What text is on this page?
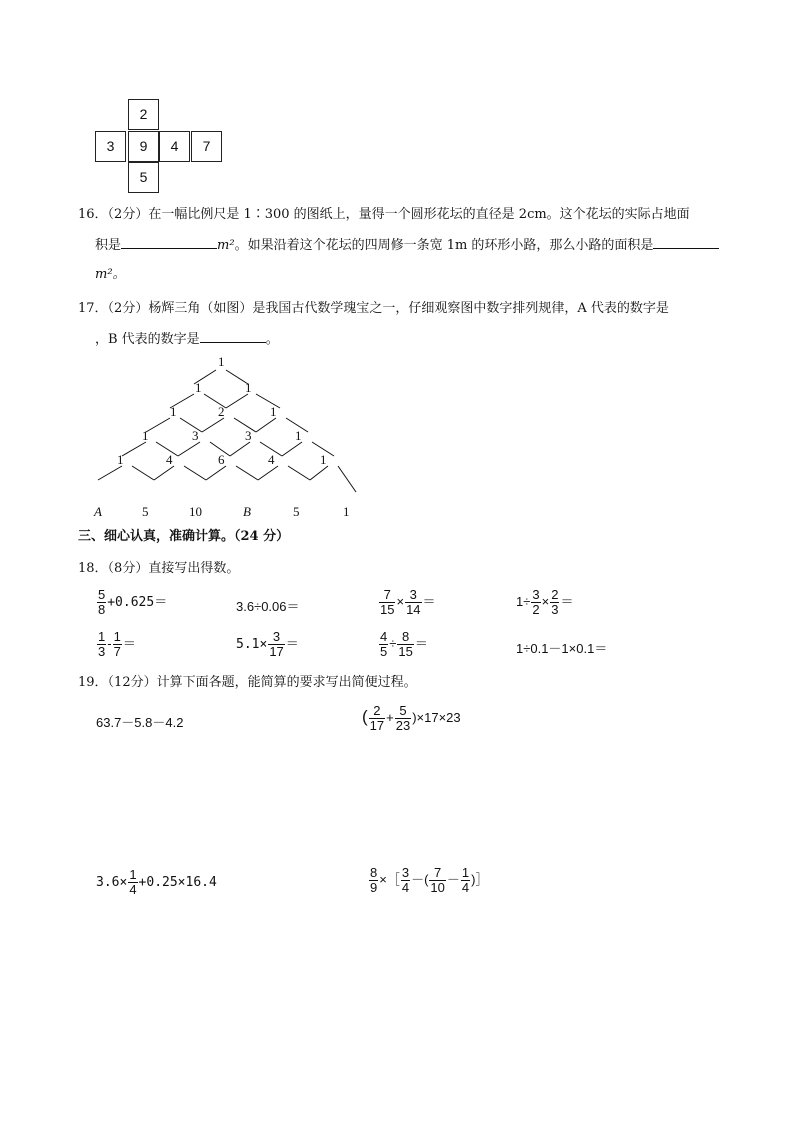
2
3	9	4	7
5
16．（2分）在一幅比例尺是 1∶300 的图纸上，量得一个圆形花坛的直径是 2cm。这个花坛的实际占地面
积是	m²。如果沿着这个花坛的四周修一条宽 1m 的环形小路，那么小路的面积是
m²。
17．（2分）杨辉三角（如图）是我国古代数学瑰宝之一，仔细观察图中数字排列规律，A 代表的数字是
，B 代表的数字是	。
1
1	1
1	2	1
1	3	3	1
1	4	6	4	1
A	5	10	B	5	1
三、细心认真，准确计算。（24 分）
18．（8分）直接写出得数。
$\frac{5}{8} +0.625=$	3.6÷0.06＝	$\frac{7}{15} \times \frac{3}{14}$ ＝	$1\div \frac{3}{2} \times \frac{2}{3}$ ＝
$\frac{1}{3} - \frac{1}{7}$ ＝	$5.1\times \frac{3}{17}$ ＝	$\frac{4}{5} \div \frac{8}{15}$ ＝	1÷0.1－1×0.1＝
19．（12分）计算下面各题，能简算的要求写出简便过程。
63.7－5.8－4.2	( $\frac{2}{17} + \frac{5}{23} )\times 17\times 23$
$3.6\times \frac{1}{4} +0.25\times 16.4$	$\frac{8}{9}$ ×［ $\frac{3}{4}$ －( $\frac{7}{10} - \frac{1}{4}$ )］
